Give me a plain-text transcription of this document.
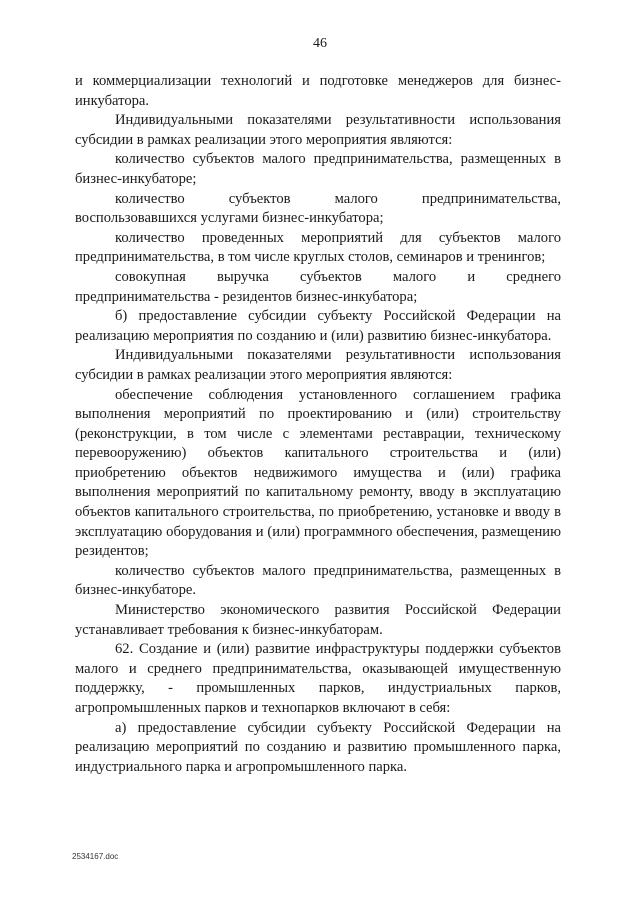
46

и коммерциализации технологий и подготовке менеджеров для бизнес-инкубатора.

Индивидуальными показателями результативности использования субсидии в рамках реализации этого мероприятия являются:

количество субъектов малого предпринимательства, размещенных в бизнес-инкубаторе;

количество субъектов малого предпринимательства, воспользовавшихся услугами бизнес-инкубатора;

количество проведенных мероприятий для субъектов малого предпринимательства, в том числе круглых столов, семинаров и тренингов;

совокупная выручка субъектов малого и среднего предпринимательства - резидентов бизнес-инкубатора;

б) предоставление субсидии субъекту Российской Федерации на реализацию мероприятия по созданию и (или) развитию бизнес-инкубатора.

Индивидуальными показателями результативности использования субсидии в рамках реализации этого мероприятия являются:

обеспечение соблюдения установленного соглашением графика выполнения мероприятий по проектированию и (или) строительству (реконструкции, в том числе с элементами реставрации, техническому перевооружению) объектов капитального строительства и (или) приобретению объектов недвижимого имущества и (или) графика выполнения мероприятий по капитальному ремонту, вводу в эксплуатацию объектов капитального строительства, по приобретению, установке и вводу в эксплуатацию оборудования и (или) программного обеспечения, размещению резидентов;

количество субъектов малого предпринимательства, размещенных в бизнес-инкубаторе.

Министерство экономического развития Российской Федерации устанавливает требования к бизнес-инкубаторам.

62. Создание и (или) развитие инфраструктуры поддержки субъектов малого и среднего предпринимательства, оказывающей имущественную поддержку, - промышленных парков, индустриальных парков, агропромышленных парков и технопарков включают в себя:

а) предоставление субсидии субъекту Российской Федерации на реализацию мероприятий по созданию и развитию промышленного парка, индустриального парка и агропромышленного парка.

2534167.doc
